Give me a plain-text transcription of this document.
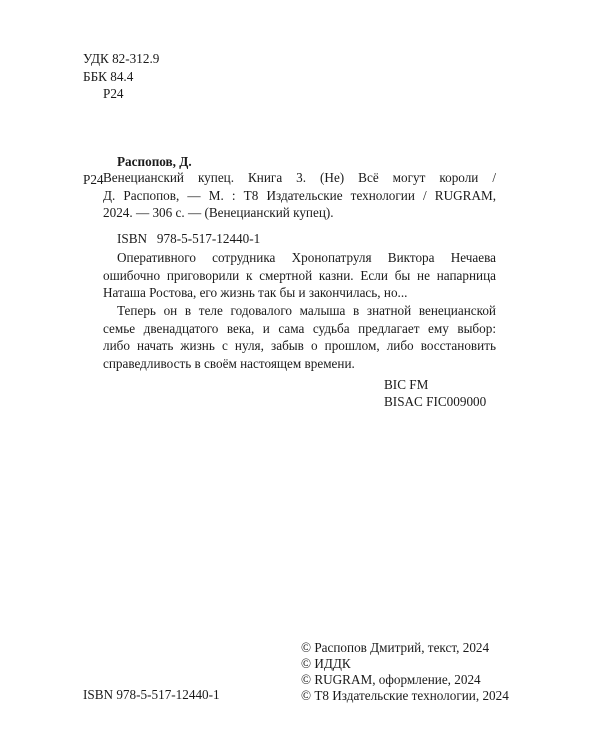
УДК 82-312.9
ББК 84.4
Р24
Распопов, Д.
Р24 Венецианский купец. Книга 3. (Не) Всё могут короли /
Д. Распопов, — М. : Т8 Издательские технологии / RUGRAM,
2024. — 306 с. — (Венецианский купец).
ISBN   978-5-517-12440-1
Оперативного сотрудника Хронопатруля Виктора Нечаева
ошибочно приговорили к смертной казни. Если бы не напарница
Наташа Ростова, его жизнь так бы и закончилась, но...
Теперь он в теле годовалого малыша в знатной венецианской
семье двенадцатого века, и сама судьба предлагает ему выбор:
либо начать жизнь с нуля, забыв о прошлом, либо восстановить
справедливость в своём настоящем времени.
BIC FM
BISAC FIC009000
ISBN 978-5-517-12440-1
© Распопов Дмитрий, текст, 2024
© ИДДК
© RUGRAM, оформление, 2024
© Т8 Издательские технологии, 2024
